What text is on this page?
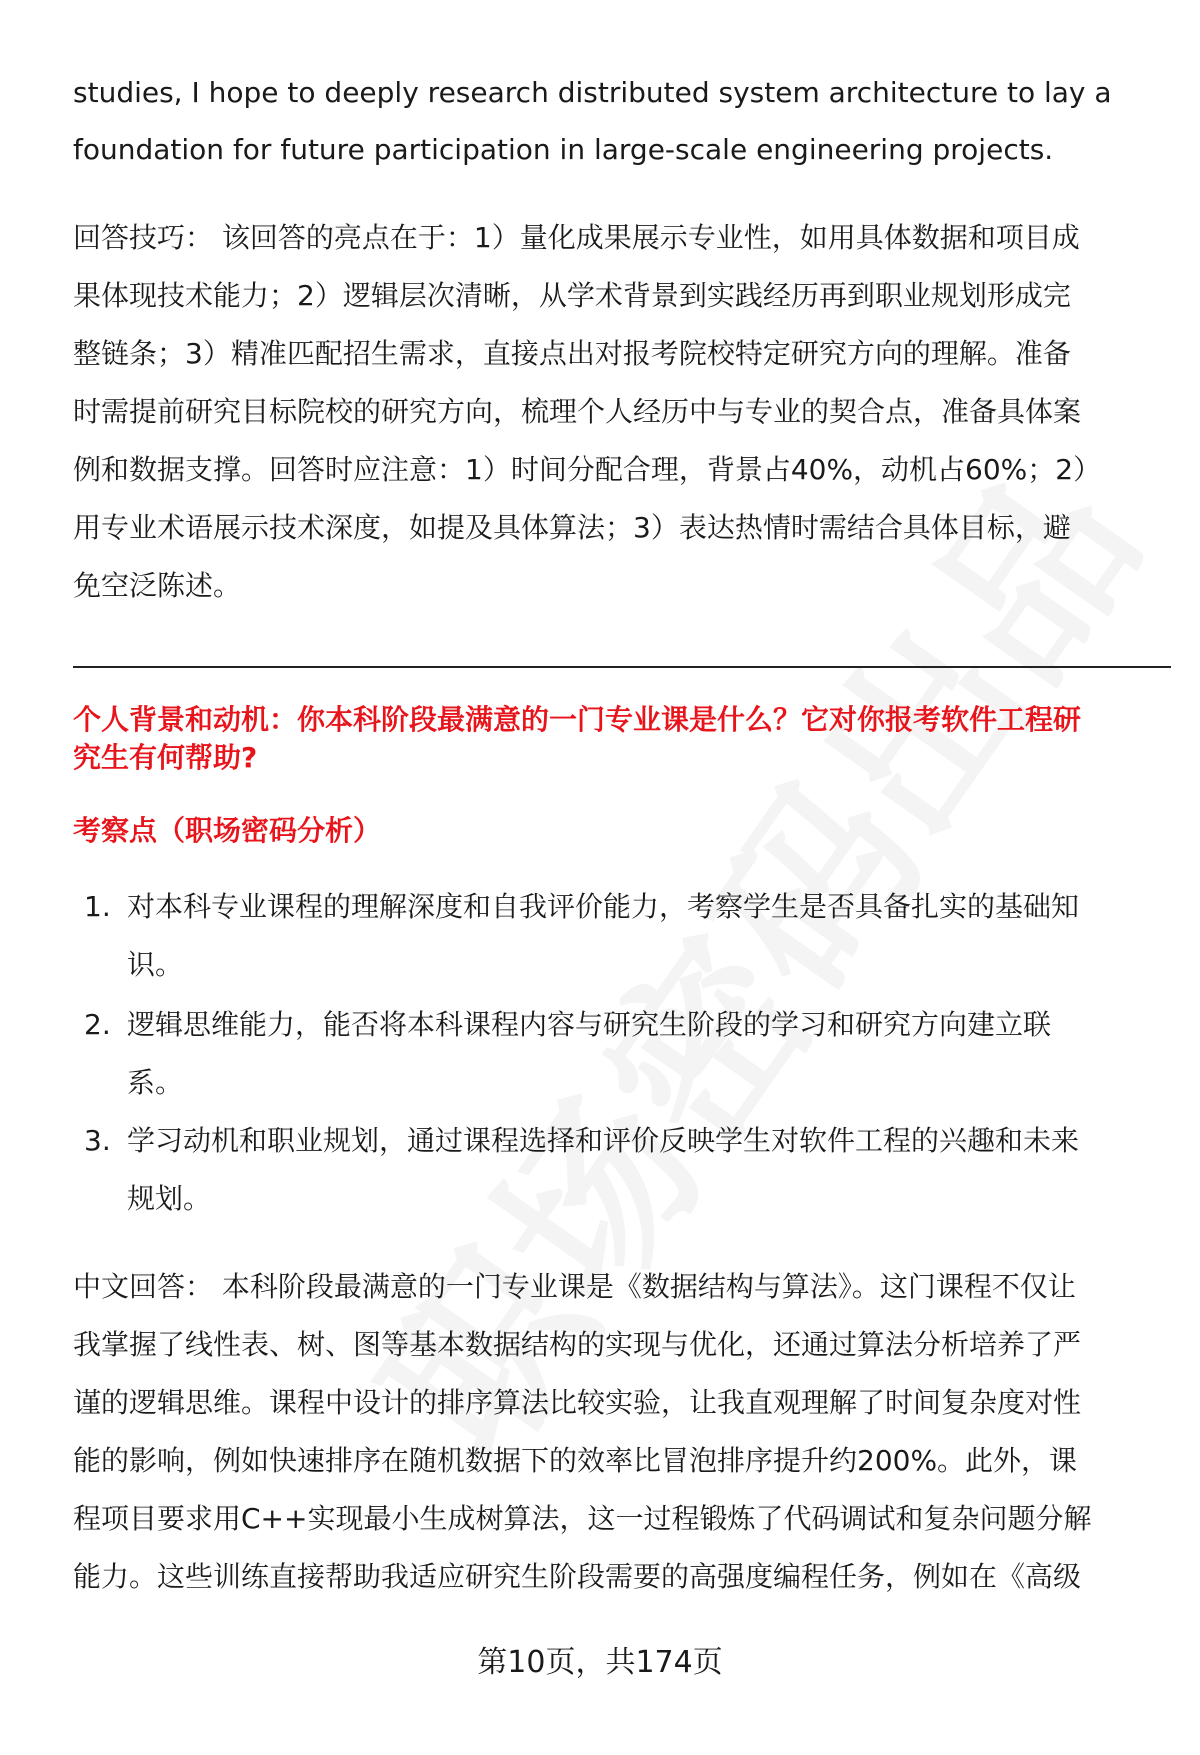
studies, I hope to deeply research distributed system architecture to lay a
foundation for future participation in large-scale engineering projects.
回答技巧： 该回答的亮点在于：1）量化成果展示专业性，如用具体数据和项目成
果体现技术能力；2）逻辑层次清晰，从学术背景到实践经历再到职业规划形成完
整链条；3）精准匹配招生需求，直接点出对报考院校特定研究方向的理解。准备
时需提前研究目标院校的研究方向，梳理个人经历中与专业的契合点，准备具体案
例和数据支撑。回答时应注意：1）时间分配合理，背景占40%，动机占60%；2）
用专业术语展示技术深度，如提及具体算法；3）表达热情时需结合具体目标，避
免空泛陈述。
个人背景和动机：你本科阶段最满意的一门专业课是什么？它对你报考软件工程研
究生有何帮助?
考察点（职场密码分析）
1. 对本科专业课程的理解深度和自我评价能力，考察学生是否具备扎实的基础知
识。
2. 逻辑思维能力，能否将本科课程内容与研究生阶段的学习和研究方向建立联
系。
3. 学习动机和职业规划，通过课程选择和评价反映学生对软件工程的兴趣和未来
规划。
中文回答： 本科阶段最满意的一门专业课是《数据结构与算法》。这门课程不仅让
我掌握了线性表、树、图等基本数据结构的实现与优化，还通过算法分析培养了严
谨的逻辑思维。课程中设计的排序算法比较实验，让我直观理解了时间复杂度对性
能的影响，例如快速排序在随机数据下的效率比冒泡排序提升约200%。此外，课
程项目要求用C++实现最小生成树算法，这一过程锻炼了代码调试和复杂问题分解
能力。这些训练直接帮助我适应研究生阶段需要的高强度编程任务，例如在《高级
第10页，共174页
